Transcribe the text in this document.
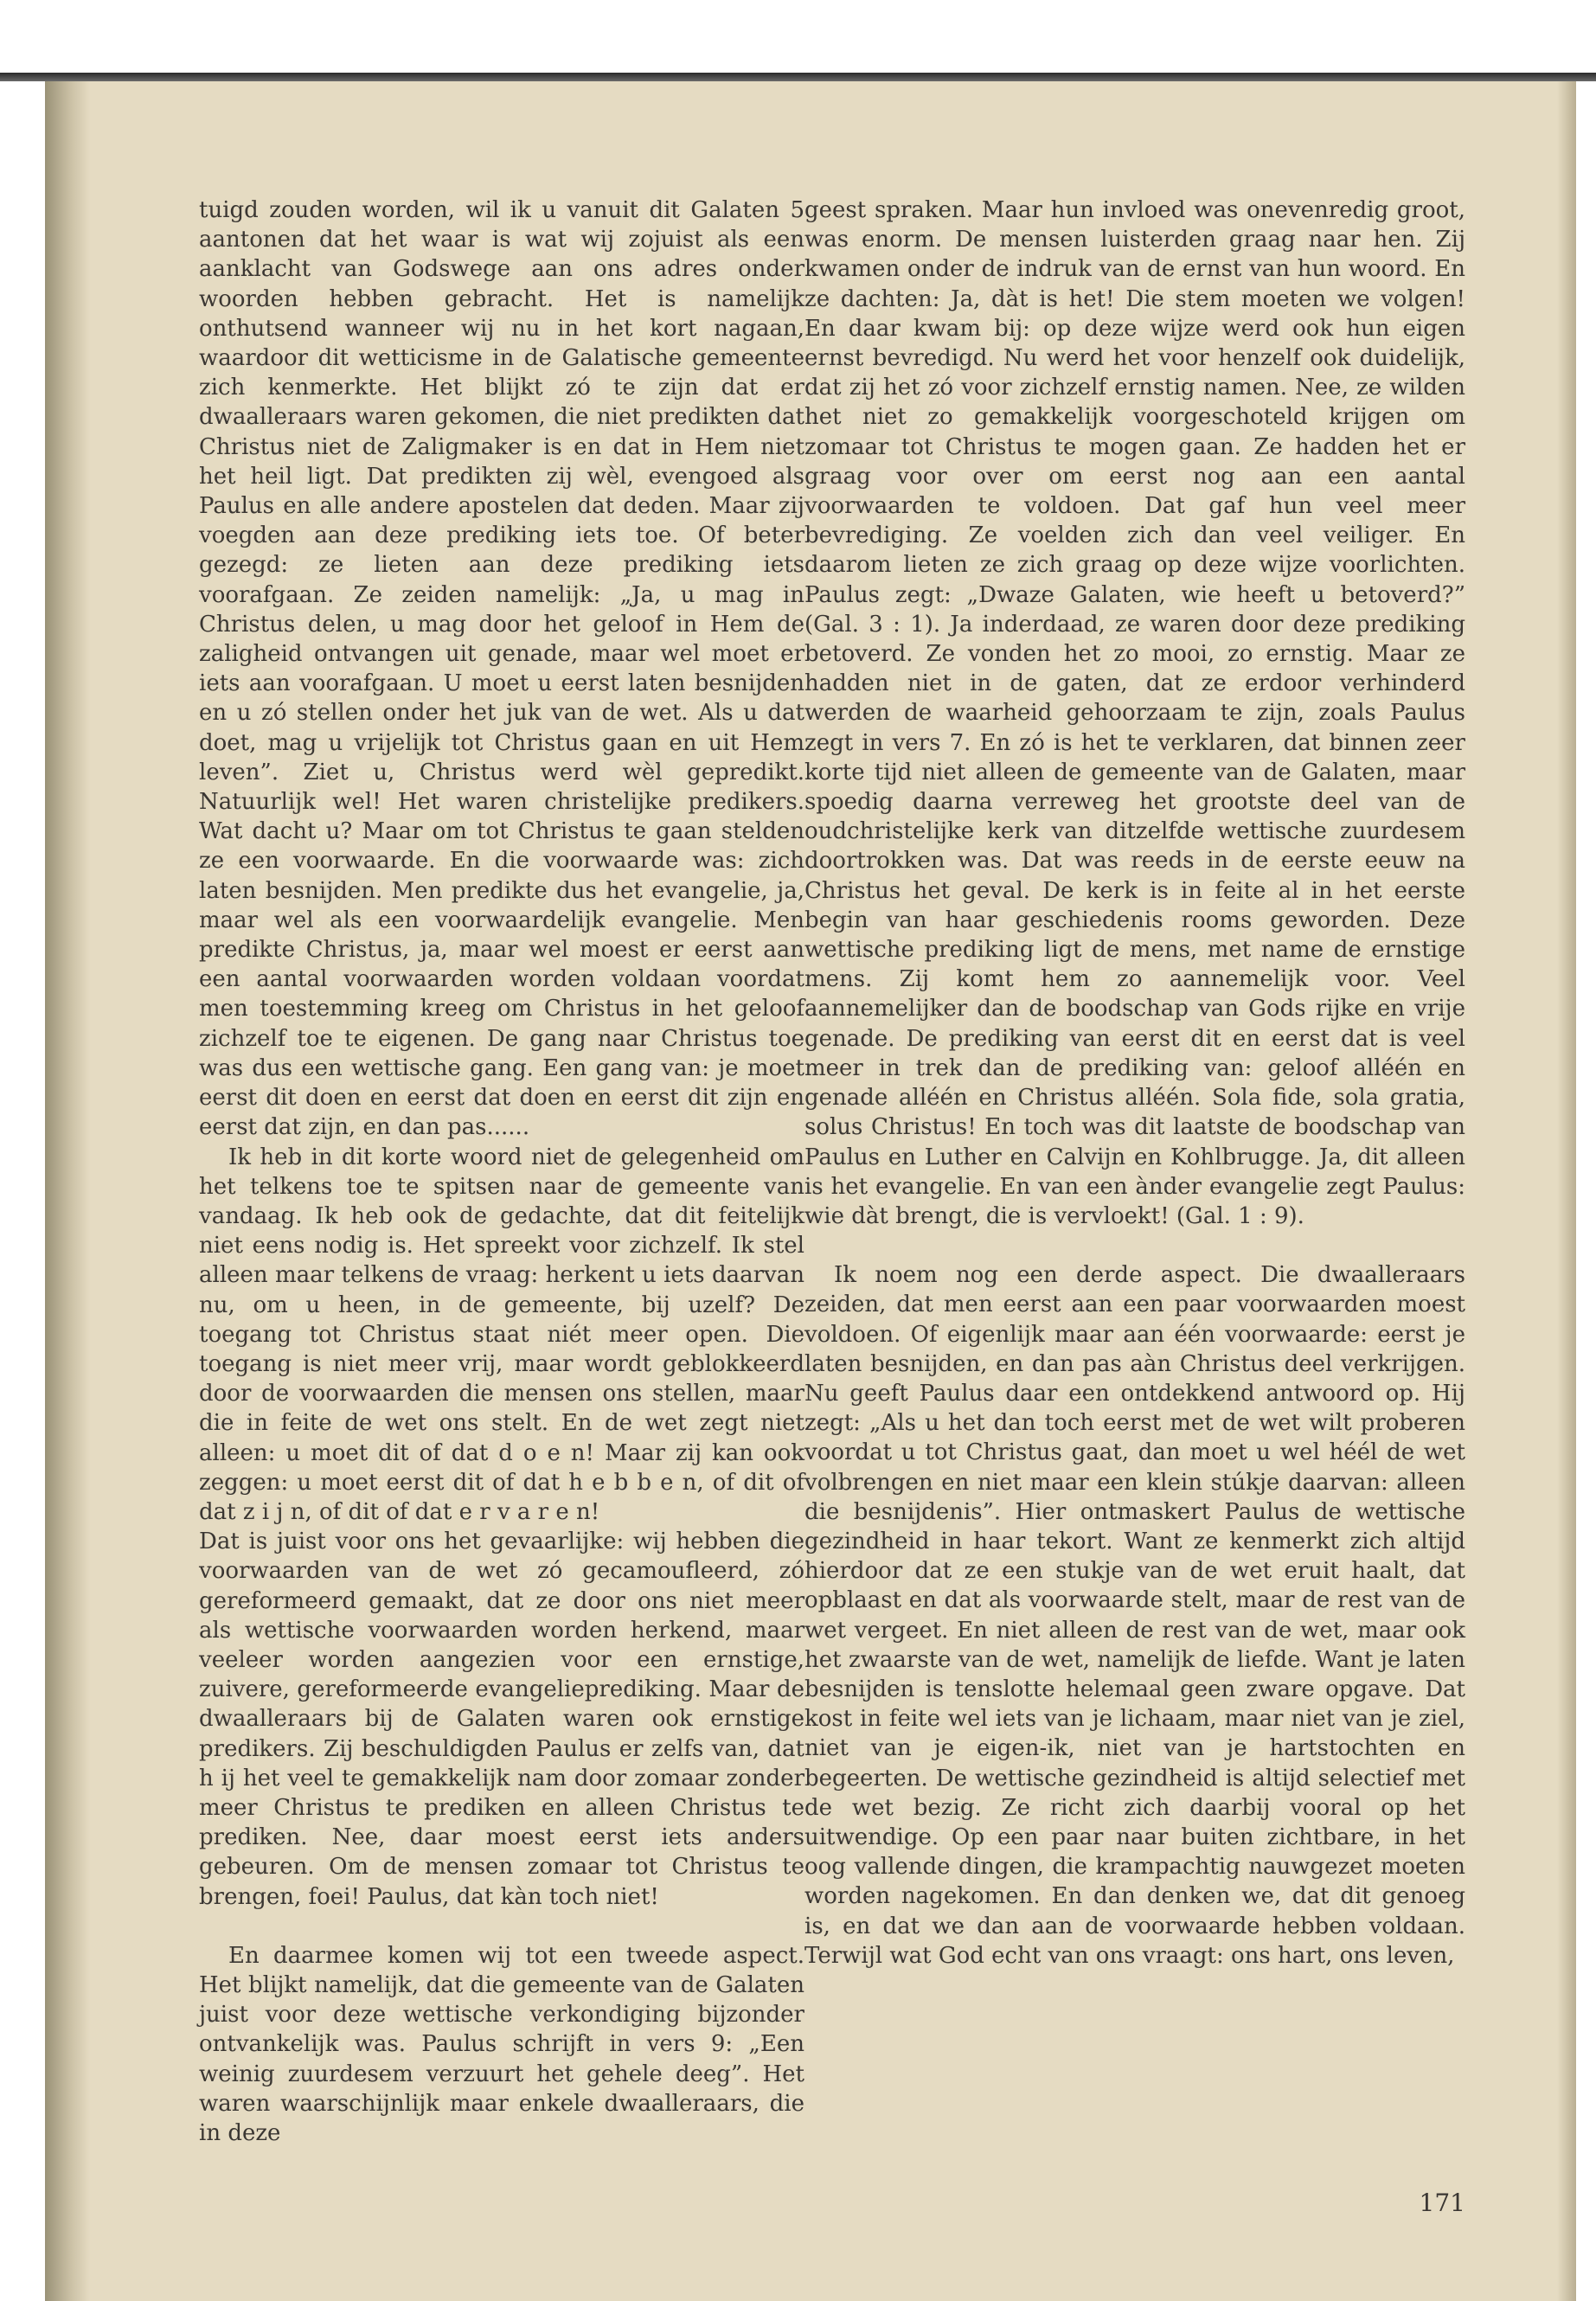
tuigd zouden worden, wil ik u vanuit dit Galaten 5 aantonen dat het waar is wat wij zojuist als een aanklacht van Godswege aan ons adres onder woorden hebben gebracht. Het is namelijk onthutsend wanneer wij nu in het kort nagaan, waardoor dit wetticisme in de Galatische gemeente zich kenmerkte. Het blijkt zó te zijn dat er dwaalleraars waren gekomen, die niet predikten dat Christus niet de Zaligmaker is en dat in Hem niet het heil ligt. Dat predikten zij wèl, evengoed als Paulus en alle andere apostelen dat deden. Maar zij voegden aan deze prediking iets toe. Of beter gezegd: ze lieten aan deze prediking iets voorafgaan. Ze zeiden namelijk: „Ja, u mag in Christus delen, u mag door het geloof in Hem de zaligheid ontvangen uit genade, maar wel moet er iets aan voorafgaan. U moet u eerst laten besnijden en u zó stellen onder het juk van de wet. Als u dat doet, mag u vrijelijk tot Christus gaan en uit Hem leven”. Ziet u, Christus werd wèl gepredikt. Natuurlijk wel! Het waren christelijke predikers. Wat dacht u? Maar om tot Christus te gaan stelden ze een voorwaarde. En die voorwaarde was: zich laten besnijden. Men predikte dus het evangelie, ja, maar wel als een voorwaardelijk evangelie. Men predikte Christus, ja, maar wel moest er eerst aan een aantal voorwaarden worden voldaan voordat men toestemming kreeg om Christus in het geloof zichzelf toe te eigenen. De gang naar Christus toe was dus een wettische gang. Een gang van: je moet eerst dit doen en eerst dat doen en eerst dit zijn en eerst dat zijn, en dan pas......

Ik heb in dit korte woord niet de gelegenheid om het telkens toe te spitsen naar de gemeente van vandaag. Ik heb ook de gedachte, dat dit feitelijk niet eens nodig is. Het spreekt voor zichzelf. Ik stel alleen maar telkens de vraag: herkent u iets daarvan nu, om u heen, in de gemeente, bij uzelf? De toegang tot Christus staat niét meer open. Die toegang is niet meer vrij, maar wordt geblokkeerd door de voorwaarden die mensen ons stellen, maar die in feite de wet ons stelt. En de wet zegt niet alleen: u moet dit of dat d o e n! Maar zij kan ook zeggen: u moet eerst dit of dat h e b b e n, of dit of dat z i j n, of dit of dat e r v a r e n!

Dat is juist voor ons het gevaarlijke: wij hebben die voorwaarden van de wet zó gecamoufleerd, zó gereformeerd gemaakt, dat ze door ons niet meer als wettische voorwaarden worden herkend, maar veeleer worden aangezien voor een ernstige, zuivere, gereformeerde evangelieprediking. Maar de dwaalleraars bij de Galaten waren ook ernstige predikers. Zij beschuldigden Paulus er zelfs van, dat h ij het veel te gemakkelijk nam door zomaar zonder meer Christus te prediken en alleen Christus te prediken. Nee, daar moest eerst iets anders gebeuren. Om de mensen zomaar tot Christus te brengen, foei! Paulus, dat kàn toch niet!

En daarmee komen wij tot een tweede aspect. Het blijkt namelijk, dat die gemeente van de Galaten juist voor deze wettische verkondiging bijzonder ontvankelijk was. Paulus schrijft in vers 9: „Een weinig zuurdesem verzuurt het gehele deeg”. Het waren waarschijnlijk maar enkele dwaalleraars, die in deze

geest spraken. Maar hun invloed was onevenredig groot, was enorm. De mensen luisterden graag naar hen. Zij kwamen onder de indruk van de ernst van hun woord. En ze dachten: Ja, dàt is het! Die stem moeten we volgen! En daar kwam bij: op deze wijze werd ook hun eigen ernst bevredigd. Nu werd het voor henzelf ook duidelijk, dat zij het zó voor zichzelf ernstig namen. Nee, ze wilden het niet zo gemakkelijk voorgeschoteld krijgen om zomaar tot Christus te mogen gaan. Ze hadden het er graag voor over om eerst nog aan een aantal voorwaarden te voldoen. Dat gaf hun veel meer bevrediging. Ze voelden zich dan veel veiliger. En daarom lieten ze zich graag op deze wijze voorlichten. Paulus zegt: „Dwaze Galaten, wie heeft u betoverd?” (Gal. 3 : 1). Ja inderdaad, ze waren door deze prediking betoverd. Ze vonden het zo mooi, zo ernstig. Maar ze hadden niet in de gaten, dat ze erdoor verhinderd werden de waarheid gehoorzaam te zijn, zoals Paulus zegt in vers 7. En zó is het te verklaren, dat binnen zeer korte tijd niet alleen de gemeente van de Galaten, maar spoedig daarna verreweg het grootste deel van de oudchristelijke kerk van ditzelfde wettische zuurdesem doortrokken was. Dat was reeds in de eerste eeuw na Christus het geval. De kerk is in feite al in het eerste begin van haar geschiedenis rooms geworden. Deze wettische prediking ligt de mens, met name de ernstige mens. Zij komt hem zo aannemelijk voor. Veel aannemelijker dan de boodschap van Gods rijke en vrije genade. De prediking van eerst dit en eerst dat is veel meer in trek dan de prediking van: geloof alléén en genade alléén en Christus alléén. Sola fide, sola gratia, solus Christus! En toch was dit laatste de boodschap van Paulus en Luther en Calvijn en Kohlbrugge. Ja, dit alleen is het evangelie. En van een ànder evangelie zegt Paulus: wie dàt brengt, die is vervloekt! (Gal. 1 : 9).

Ik noem nog een derde aspect. Die dwaalleraars zeiden, dat men eerst aan een paar voorwaarden moest voldoen. Of eigenlijk maar aan één voorwaarde: eerst je laten besnijden, en dan pas aàn Christus deel verkrijgen. Nu geeft Paulus daar een ontdekkend antwoord op. Hij zegt: „Als u het dan toch eerst met de wet wilt proberen voordat u tot Christus gaat, dan moet u wel héél de wet volbrengen en niet maar een klein stúkje daarvan: alleen die besnijdenis”. Hier ontmaskert Paulus de wettische gezindheid in haar tekort. Want ze kenmerkt zich altijd hierdoor dat ze een stukje van de wet eruit haalt, dat opblaast en dat als voorwaarde stelt, maar de rest van de wet vergeet. En niet alleen de rest van de wet, maar ook het zwaarste van de wet, namelijk de liefde. Want je laten besnijden is tenslotte helemaal geen zware opgave. Dat kost in feite wel iets van je lichaam, maar niet van je ziel, niet van je eigen-ik, niet van je hartstochten en begeerten. De wettische gezindheid is altijd selectief met de wet bezig. Ze richt zich daarbij vooral op het uitwendige. Op een paar naar buiten zichtbare, in het oog vallende dingen, die krampachtig nauwgezet moeten worden nagekomen. En dan denken we, dat dit genoeg is, en dat we dan aan de voorwaarde hebben voldaan. Terwijl wat God echt van ons vraagt: ons hart, ons leven,

171
